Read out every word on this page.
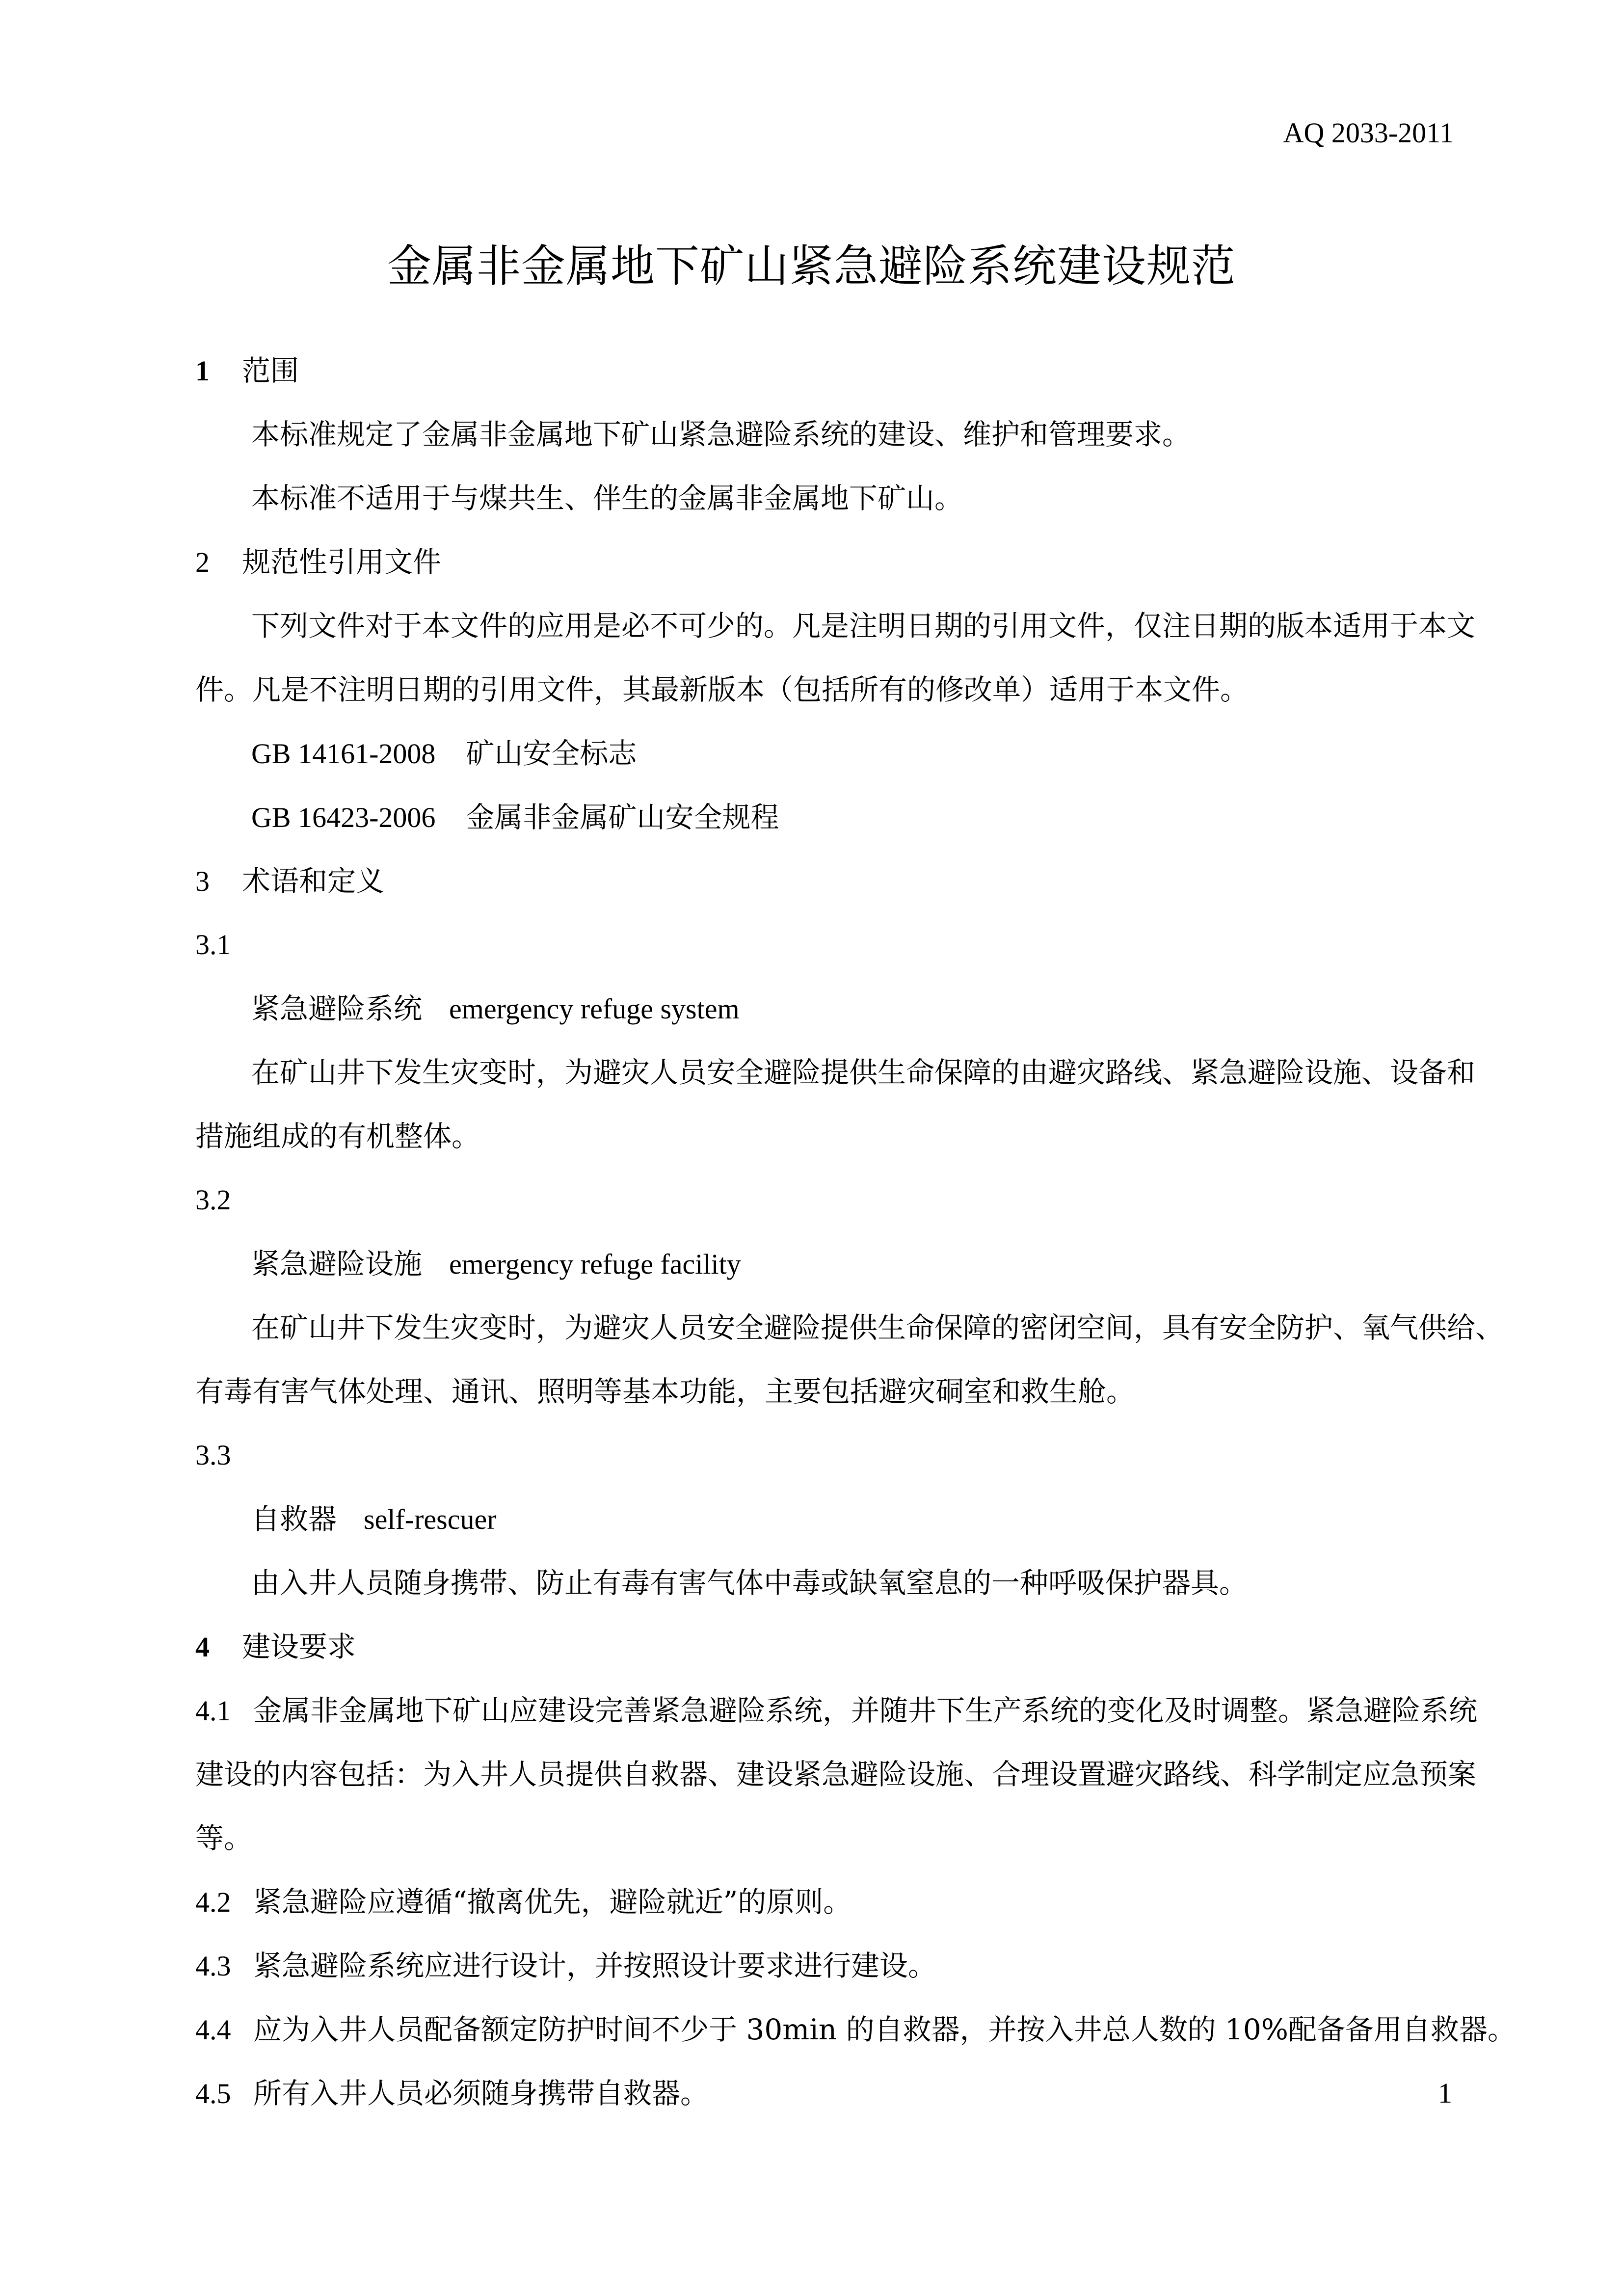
AQ 2033-2011
金属非金属地下矿山紧急避险系统建设规范
1 范围
本标准规定了金属非金属地下矿山紧急避险系统的建设、维护和管理要求。
本标准不适用于与煤共生、伴生的金属非金属地下矿山。
2 规范性引用文件
下列文件对于本文件的应用是必不可少的。凡是注明日期的引用文件，仅注日期的版本适用于本文
件。凡是不注明日期的引用文件，其最新版本（包括所有的修改单）适用于本文件。
GB 14161-2008 矿山安全标志
GB 16423-2006 金属非金属矿山安全规程
3 术语和定义
3.1
紧急避险系统 emergency refuge system
在矿山井下发生灾变时，为避灾人员安全避险提供生命保障的由避灾路线、紧急避险设施、设备和
措施组成的有机整体。
3.2
紧急避险设施 emergency refuge facility
在矿山井下发生灾变时，为避灾人员安全避险提供生命保障的密闭空间，具有安全防护、氧气供给、
有毒有害气体处理、通讯、照明等基本功能，主要包括避灾硐室和救生舱。
3.3
自救器 self-rescuer
由入井人员随身携带、防止有毒有害气体中毒或缺氧窒息的一种呼吸保护器具。
4 建设要求
4.1 金属非金属地下矿山应建设完善紧急避险系统，并随井下生产系统的变化及时调整。紧急避险系统
建设的内容包括：为入井人员提供自救器、建设紧急避险设施、合理设置避灾路线、科学制定应急预案
等。
4.2 紧急避险应遵循“撤离优先，避险就近”的原则。
4.3 紧急避险系统应进行设计，并按照设计要求进行建设。
4.4 应为入井人员配备额定防护时间不少于 30min 的自救器，并按入井总人数的 10%配备备用自救器。
4.5 所有入井人员必须随身携带自救器。	1
